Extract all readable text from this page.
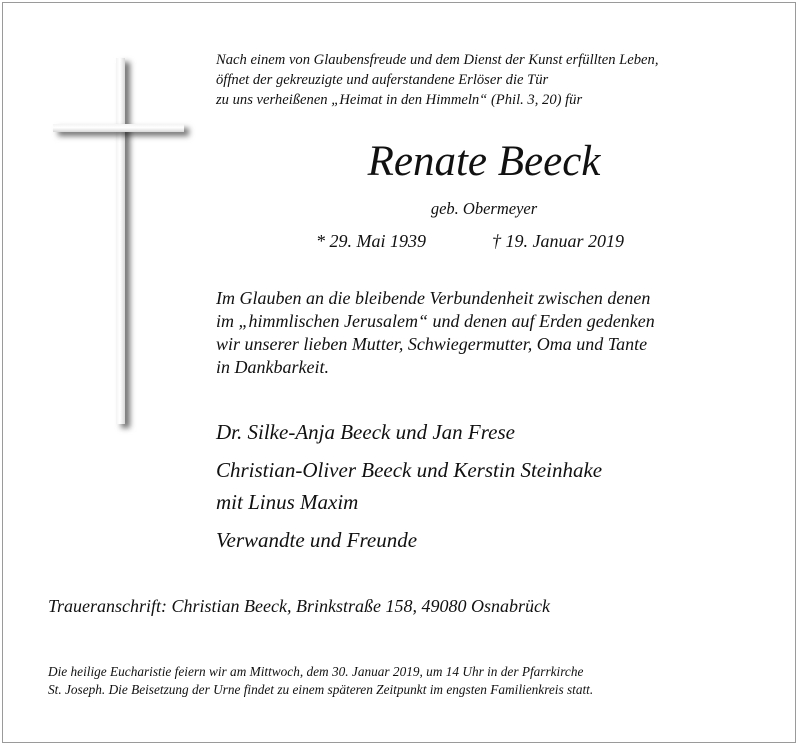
Nach einem von Glaubensfreude und dem Dienst der Kunst erfüllten Leben,
öffnet der gekreuzigte und auferstandene Erlöser die Tür
zu uns verheißenen „Heimat in den Himmeln“ (Phil. 3, 20) für
Renate Beeck
geb. Obermeyer
* 29. Mai 1939	† 19. Januar 2019
Im Glauben an die bleibende Verbundenheit zwischen denen
im „himmlischen Jerusalem“ und denen auf Erden gedenken
wir unserer lieben Mutter, Schwiegermutter, Oma und Tante
in Dankbarkeit.
Dr. Silke-Anja Beeck und Jan Frese
Christian-Oliver Beeck und Kerstin Steinhake
mit Linus Maxim
Verwandte und Freunde
Traueranschrift: Christian Beeck, Brinkstraße 158, 49080 Osnabrück
Die heilige Eucharistie feiern wir am Mittwoch, dem 30. Januar 2019, um 14 Uhr in der Pfarrkirche
St. Joseph. Die Beisetzung der Urne findet zu einem späteren Zeitpunkt im engsten Familienkreis statt.
